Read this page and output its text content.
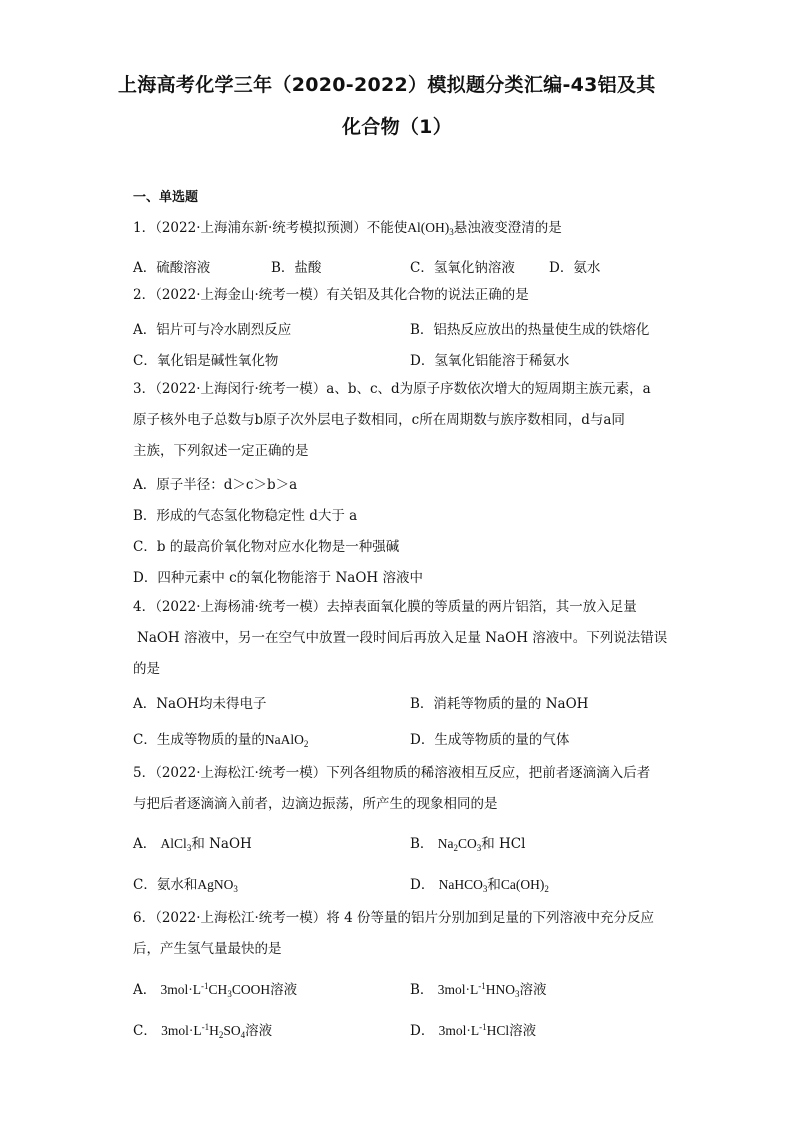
上海高考化学三年（2020-2022）模拟题分类汇编-43铝及其
化合物（1）
一、单选题
1．（2022·上海浦东新·统考模拟预测）不能使$Al(OH)_3$悬浊液变澄清的是
A．硫酸溶液	B．盐酸	C．氢氧化钠溶液	D．氨水
2．（2022·上海金山·统考一模）有关铝及其化合物的说法正确的是
A．铝片可与冷水剧烈反应	B．铝热反应放出的热量使生成的铁熔化
C．氧化铝是碱性氧化物	D．氢氧化铝能溶于稀氨水
3．（2022·上海闵行·统考一模）a、b、c、d为原子序数依次增大的短周期主族元素，a
原子核外电子总数与b原子次外层电子数相同，c所在周期数与族序数相同，d与a同
主族，下列叙述一定正确的是
A．原子半径：d＞c＞b＞a
B．形成的气态氢化物稳定性 d大于 a
C．b 的最高价氧化物对应水化物是一种强碱
D．四种元素中 c的氧化物能溶于 NaOH 溶液中
4．（2022·上海杨浦·统考一模）去掉表面氧化膜的等质量的两片铝箔，其一放入足量
NaOH 溶液中，另一在空气中放置一段时间后再放入足量 NaOH 溶液中。下列说法错误
的是
A．NaOH均未得电子	B．消耗等物质的量的 NaOH
C．生成等物质的量的NaAlO$_2$	D．生成等物质的量的气体
5．（2022·上海松江·统考一模）下列各组物质的稀溶液相互反应，把前者逐滴滴入后者
与把后者逐滴滴入前者，边滴边振荡，所产生的现象相同的是
A． AlCl$_3$和 NaOH	B． $Na_2CO_3$和 HCl
C．氨水和AgNO$_3$	D． NaHCO$_3$和$Ca(OH)_2$
6．（2022·上海松江·统考一模）将 4 份等量的铝片分别加到足量的下列溶液中充分反应
后，产生氢气量最快的是
A． $3mol\cdot L^{-1}CH_3COOH$溶液	B． $3mol\cdot L^{-1}HNO_3$溶液
C． $3mol\cdot L^{-1}H_2SO_4$溶液	D． $3mol\cdot L^{-1}HCl$溶液
